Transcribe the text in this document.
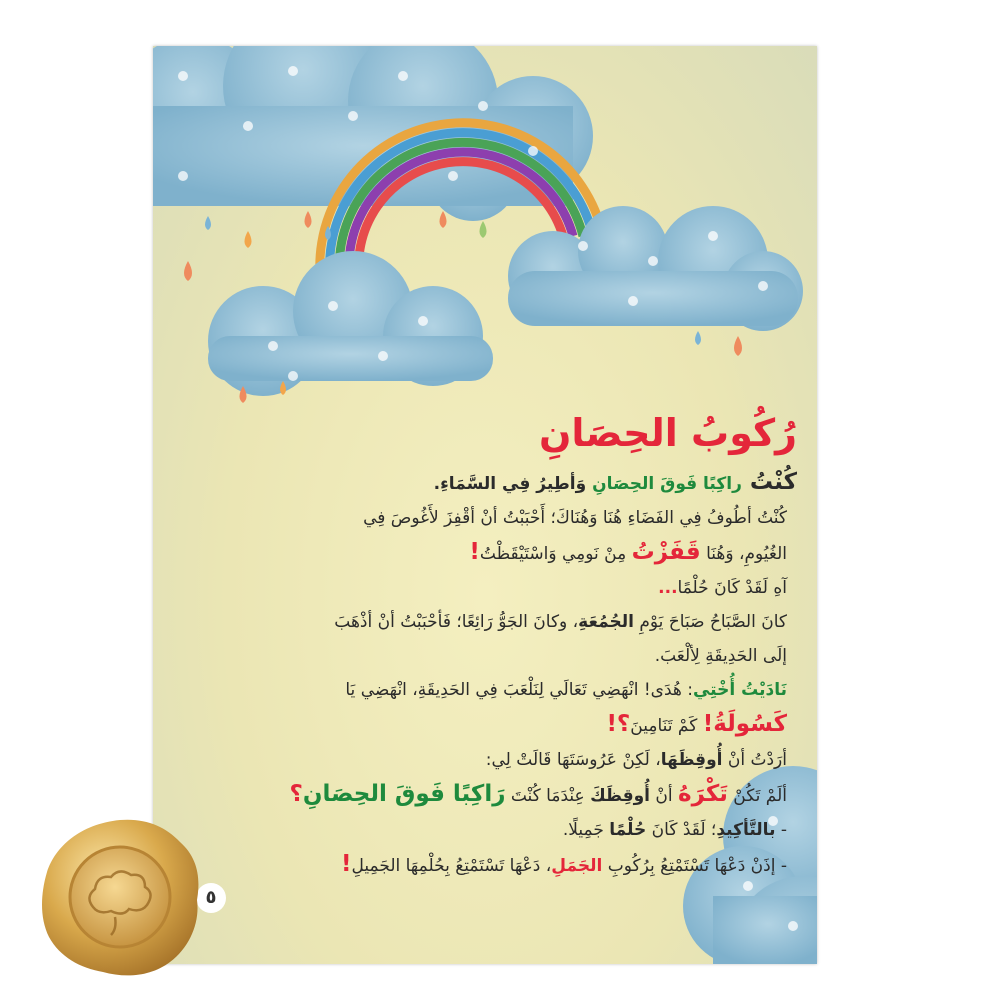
رُكُوبُ الحِصَانِ

كُنْتُ راكِبًا فَوقَ الحِصَانِ وَأطِيرُ فِي السَّمَاءِ.

كُنْتُ أطُوفُ فِي الفَضَاءِ هُنَا وَهُنَاكَ؛ أَحْبَبْتُ أنْ أقْفِزَ لأَغُوصَ فِي

الغُيُومِ، وَهُنَا قَفَزْتُ مِنْ نَومِي وَاسْتَيْقَظْتُ!

آهِ لَقَدْ كَانَ حُلْمًا...

كانَ الصَّبَاحُ صَبَاحَ يَوْمِ الجُمُعَةِ، وكانَ الجَوُّ رَائِعًا؛ فَأحْبَبْتُ أنْ أذْهَبَ

إلَى الحَدِيقَةِ لِألْعَبَ.

نَادَيْتُ أُخْتِي: هُدَى! انْهَضِي تَعَالَي لِنَلْعَبَ فِي الحَدِيقَةِ، انْهَضِي يَا

كَسُولَةُ! كَمْ تَنَامِينَ؟!

أرَدْتُ أنْ أُوقِظَهَا، لَكِنْ عَرُوسَتَهَا قَالَتْ لِي:

ألَمْ تَكُنْ تَكْرَهُ أنْ أُوقِظَكَ عِنْدَمَا كُنْتَ رَاكِبًا فَوقَ الحِصَانِ؟

- بالتَّأكِيدِ؛ لَقَدْ كَانَ حُلْمًا جَمِيلًا.

- إذَنْ دَعْهَا تَسْتَمْتِعُ بِرُكُوبِ الجَمَلِ، دَعْهَا تَسْتَمْتِعُ بِحُلْمِهَا الجَمِيلِ!

٥
